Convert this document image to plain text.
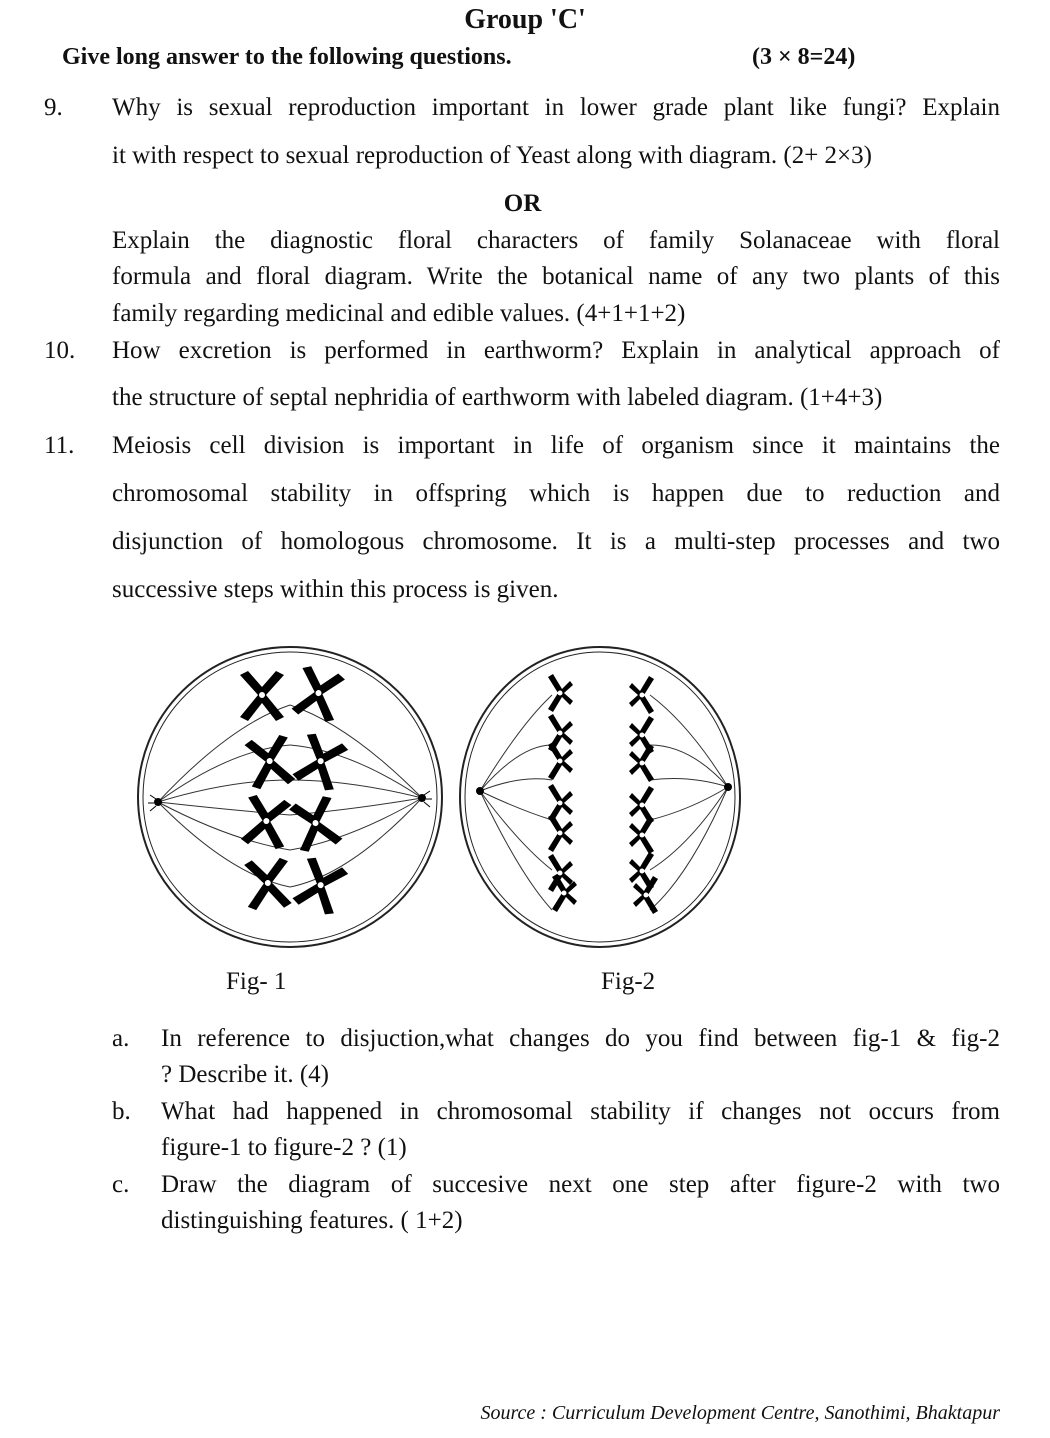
Group 'C'
Give long answer to the following questions.	(3 × 8=24)
9. Why is sexual reproduction important in lower grade plant like fungi? Explain
it with respect to sexual reproduction of Yeast along with diagram. (2+ 2×3)
OR
Explain the diagnostic floral characters of family Solanaceae with floral
formula and floral diagram. Write the botanical name of any two plants of this
family regarding medicinal and edible values. (4+1+1+2)
10. How excretion is performed in earthworm? Explain in analytical approach of
the structure of septal nephridia of earthworm with labeled diagram. (1+4+3)
11. Meiosis cell division is important in life of organism since it maintains the
chromosomal stability in offspring which is happen due to reduction and
disjunction of homologous chromosome. It is a multi-step processes and two
successive steps within this process is given.
Fig- 1	Fig-2
a. In reference to disjuction,what changes do you find between fig-1 & fig-2
? Describe it. (4)
b. What had happened in chromosomal stability if changes not occurs from
figure-1 to figure-2 ? (1)
c. Draw the diagram of succesive next one step after figure-2 with two
distinguishing features. ( 1+2)
Source : Curriculum Development Centre, Sanothimi, Bhaktapur
